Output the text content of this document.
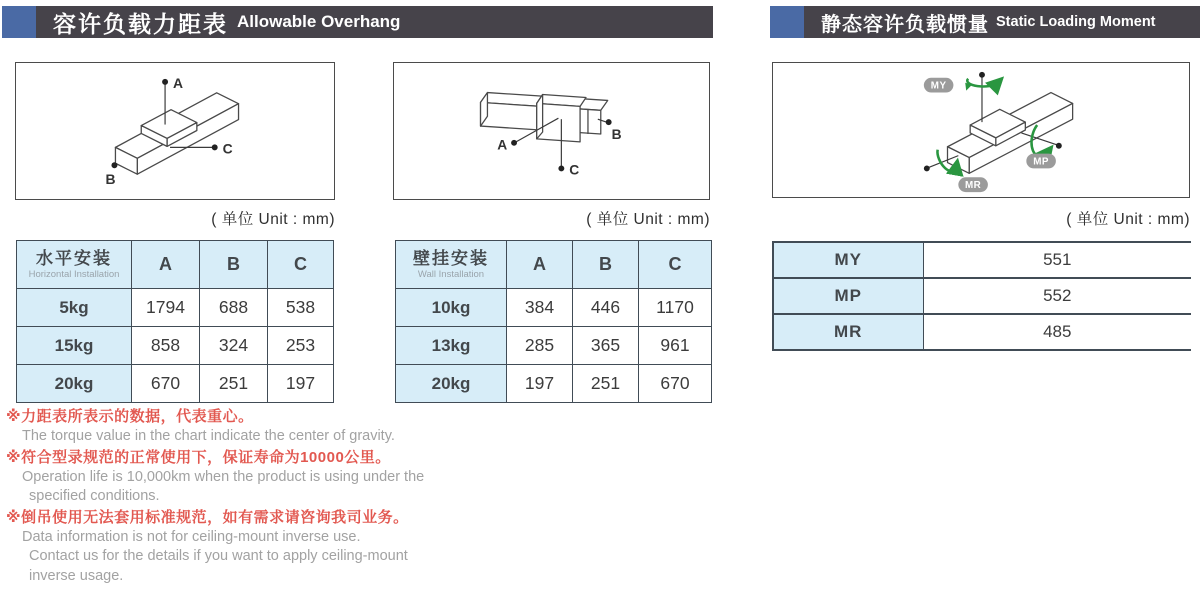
容许负载力距表 Allowable Overhang	静态容许负载惯量 Static Loading Moment
A
C
B
A
B
C
MY
MP
MR
( 单位 Unit : mm)	( 单位 Unit : mm)	( 单位 Unit : mm)
水平安装
Horizontal Installation	A	B	C
5kg	1794	688	538
15kg	858	324	253
20kg	670	251	197
壁挂安装
Wall Installation	A	B	C
10kg	384	446	1170
13kg	285	365	961
20kg	197	251	670
MY	551
MP	552
MR	485
※力距表所表示的数据，代表重心。
The torque value in the chart indicate the center of gravity.
※符合型录规范的正常使用下，保证寿命为10000公里。
Operation life is 10,000km when the product is using under the
specified conditions.
※倒吊使用无法套用标准规范，如有需求请咨询我司业务。
Data information is not for ceiling-mount inverse use.
Contact us for the details if you want to apply ceiling-mount
inverse usage.
